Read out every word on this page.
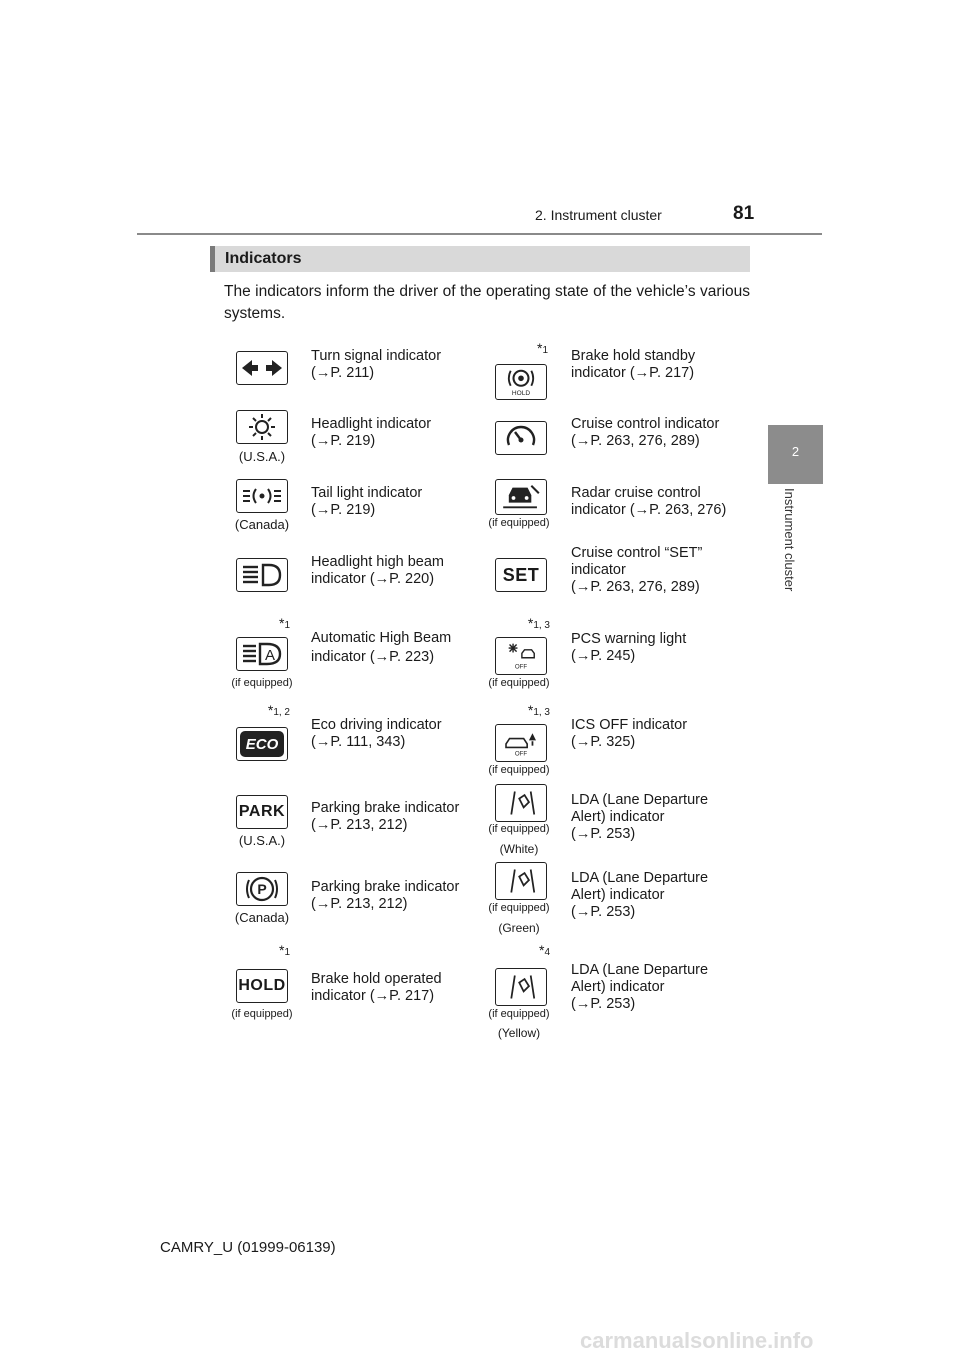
2. Instrument cluster	81
2
Instrument cluster
Indicators
The indicators inform the driver of the operating state of the vehicle’s various systems.
Turn signal indicator
(→P. 211)
(U.S.A.)
Headlight indicator
(→P. 219)
(Canada)
Tail light indicator
(→P. 219)
Headlight high beam
indicator (→P. 220)
*1
A
(if equipped)
Automatic High Beam
indicator (→P. 223)
*1, 2
ECO
Eco driving indicator
(→P. 111, 343)
PARK
(U.S.A.)
Parking brake indicator
(→P. 213, 212)
P
(Canada)
Parking brake indicator
(→P. 213, 212)
*1
HOLD
(if equipped)
Brake hold operated
indicator (→P. 217)
*1
HOLD
Brake hold standby
indicator (→P. 217)
Cruise control indicator
(→P. 263, 276, 289)
(if equipped)
Radar cruise control
indicator (→P. 263, 276)
SET
Cruise control “SET”
indicator
(→P. 263, 276, 289)
*1, 3
OFF
(if equipped)
PCS warning light
(→P. 245)
*1, 3
OFF
(if equipped)
ICS OFF indicator
(→P. 325)
(if equipped)
(White)
LDA (Lane Departure
Alert) indicator
(→P. 253)
(if equipped)
(Green)
LDA (Lane Departure
Alert) indicator
(→P. 253)
*4
(if equipped)
(Yellow)
LDA (Lane Departure
Alert) indicator
(→P. 253)
CAMRY_U (01999-06139)
carmanualsonline.info
